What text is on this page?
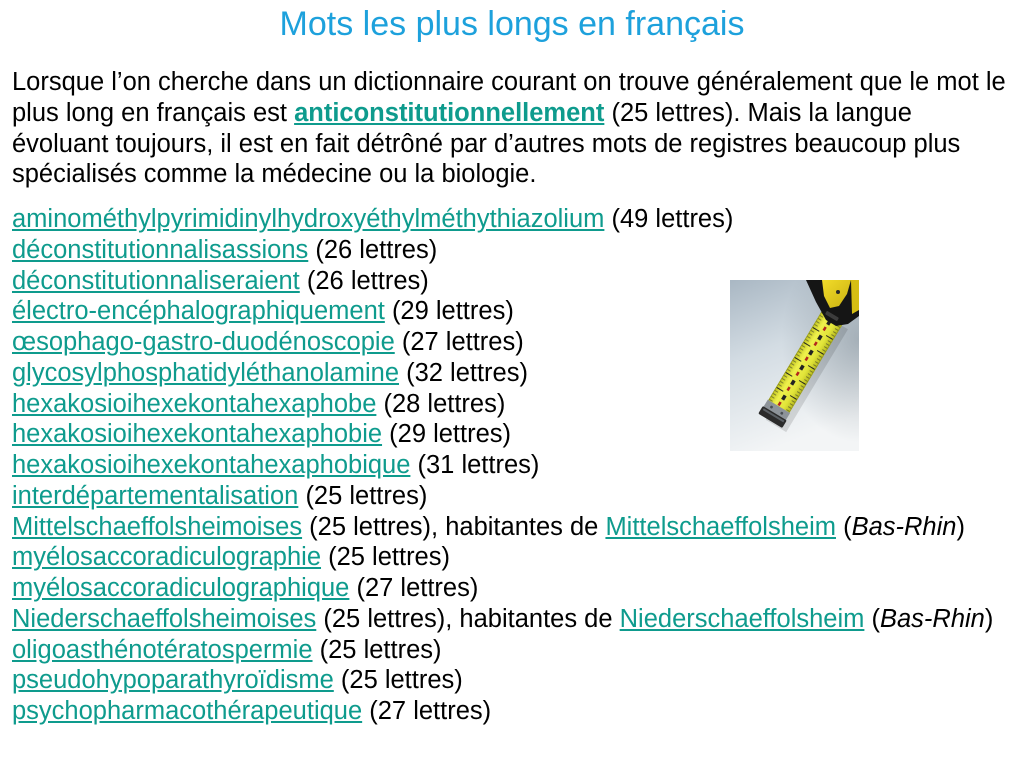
Mots les plus longs en français
Lorsque l’on cherche dans un dictionnaire courant on trouve généralement que le mot le
plus long en français est anticonstitutionnellement (25 lettres). Mais la langue
évoluant toujours, il est en fait détrôné par d’autres mots de registres beaucoup plus
spécialisés comme la médecine ou la biologie.
aminométhylpyrimidinylhydroxyéthylméthythiazolium (49 lettres)
déconstitutionnalisassions (26 lettres)
déconstitutionnaliseraient (26 lettres)
électro-encéphalographiquement (29 lettres)
œsophago-gastro-duodénoscopie (27 lettres)
glycosylphosphatidyléthanolamine (32 lettres)
hexakosioihexekontahexaphobe (28 lettres)
hexakosioihexekontahexaphobie (29 lettres)
hexakosioihexekontahexaphobique (31 lettres)
interdépartementalisation (25 lettres)
Mittelschaeffolsheimoises (25 lettres), habitantes de Mittelschaeffolsheim (Bas-Rhin)
myélosaccoradiculographie (25 lettres)
myélosaccoradiculographique (27 lettres)
Niederschaeffolsheimoises (25 lettres), habitantes de Niederschaeffolsheim (Bas-Rhin)
oligoasthénotératospermie (25 lettres)
pseudohypoparathyroïdisme (25 lettres)
psychopharmacothérapeutique (27 lettres)
